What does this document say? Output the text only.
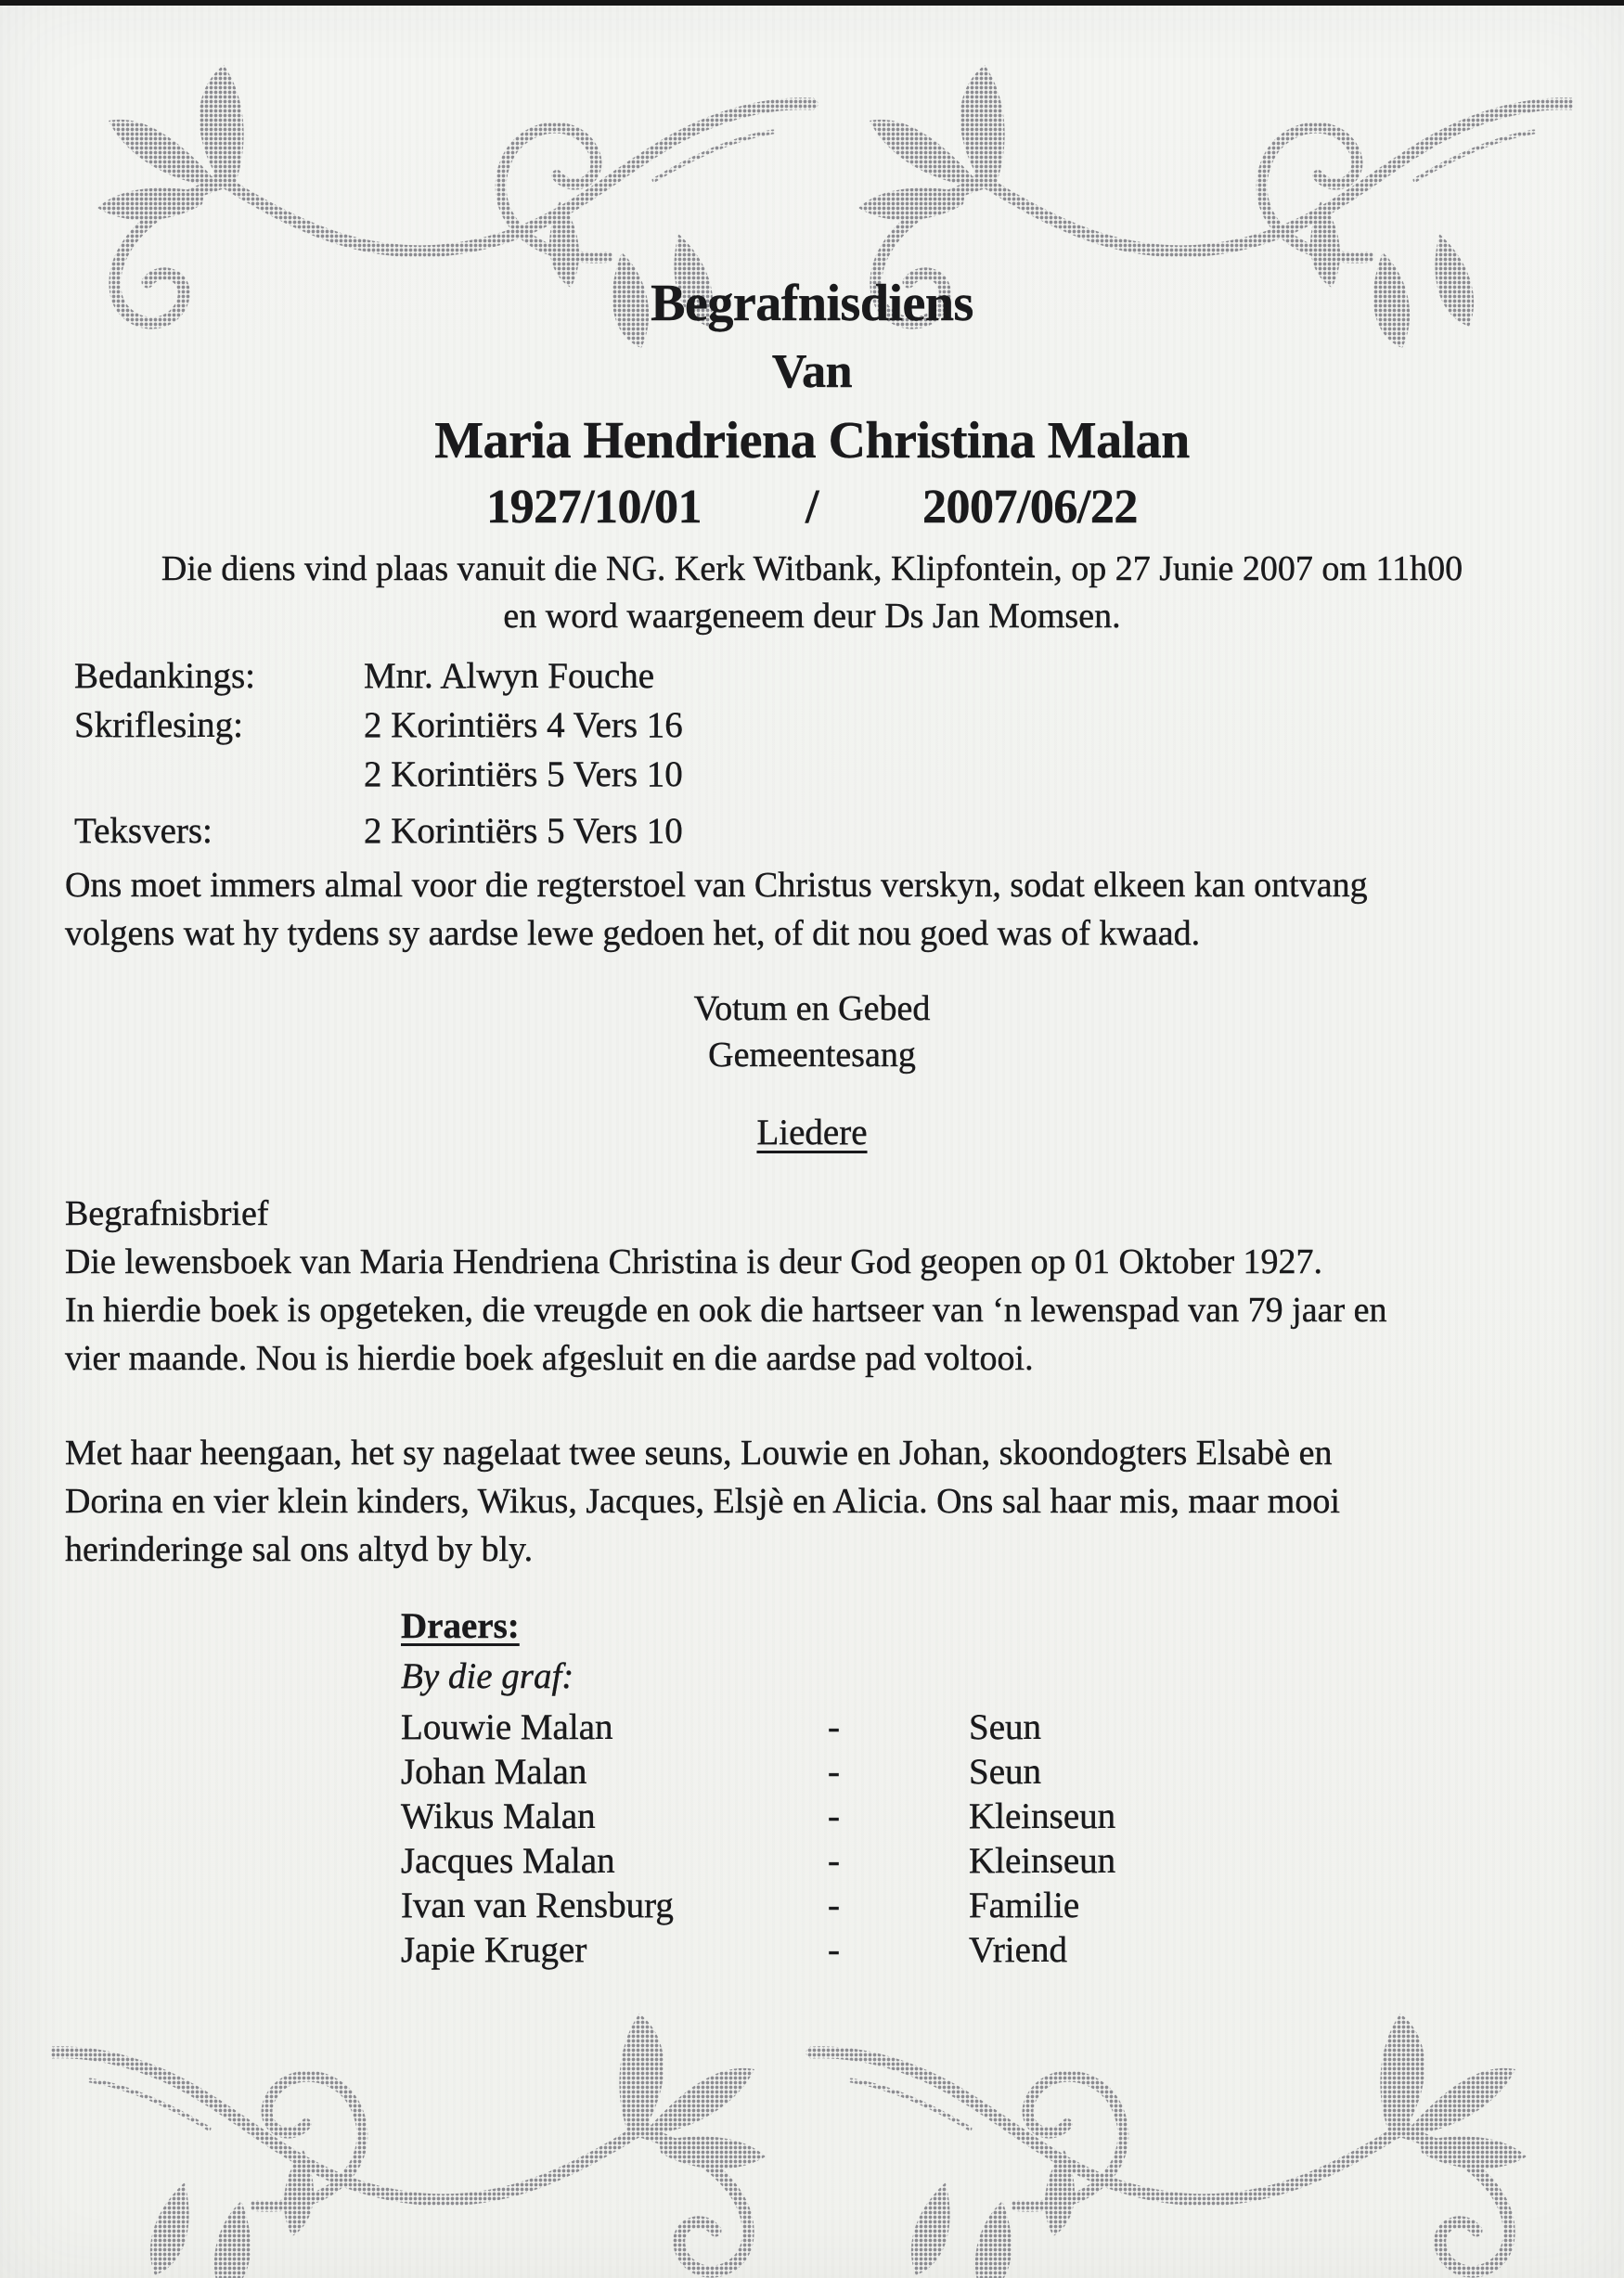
Begrafnisdiens
Van
Maria Hendriena Christina Malan
1927/10/01 / 2007/06/22
Die diens vind plaas vanuit die NG. Kerk Witbank, Klipfontein, op 27 Junie 2007 om 11h00
en word waargeneem deur Ds Jan Momsen.
Bedankings:	Mnr. Alwyn Fouche
Skriflesing:	2 Korintiërs 4 Vers 16
2 Korintiërs 5 Vers 10
Teksvers:	2 Korintiërs 5 Vers 10
Ons moet immers almal voor die regterstoel van Christus verskyn, sodat elkeen kan ontvang
volgens wat hy tydens sy aardse lewe gedoen het, of dit nou goed was of kwaad.
Votum en Gebed
Gemeentesang
Liedere
Begrafnisbrief
Die lewensboek van Maria Hendriena Christina is deur God geopen op 01 Oktober 1927.
In hierdie boek is opgeteken, die vreugde en ook die hartseer van ‘n lewenspad van 79 jaar en
vier maande. Nou is hierdie boek afgesluit en die aardse pad voltooi.
Met haar heengaan, het sy nagelaat twee seuns, Louwie en Johan, skoondogters Elsabè en
Dorina en vier klein kinders, Wikus, Jacques, Elsjè en Alicia. Ons sal haar mis, maar mooi
herinderinge sal ons altyd by bly.
Draers:
By die graf:
Louwie Malan	-	Seun
Johan Malan	-	Seun
Wikus Malan	-	Kleinseun
Jacques Malan	-	Kleinseun
Ivan van Rensburg	-	Familie
Japie Kruger	-	Vriend
